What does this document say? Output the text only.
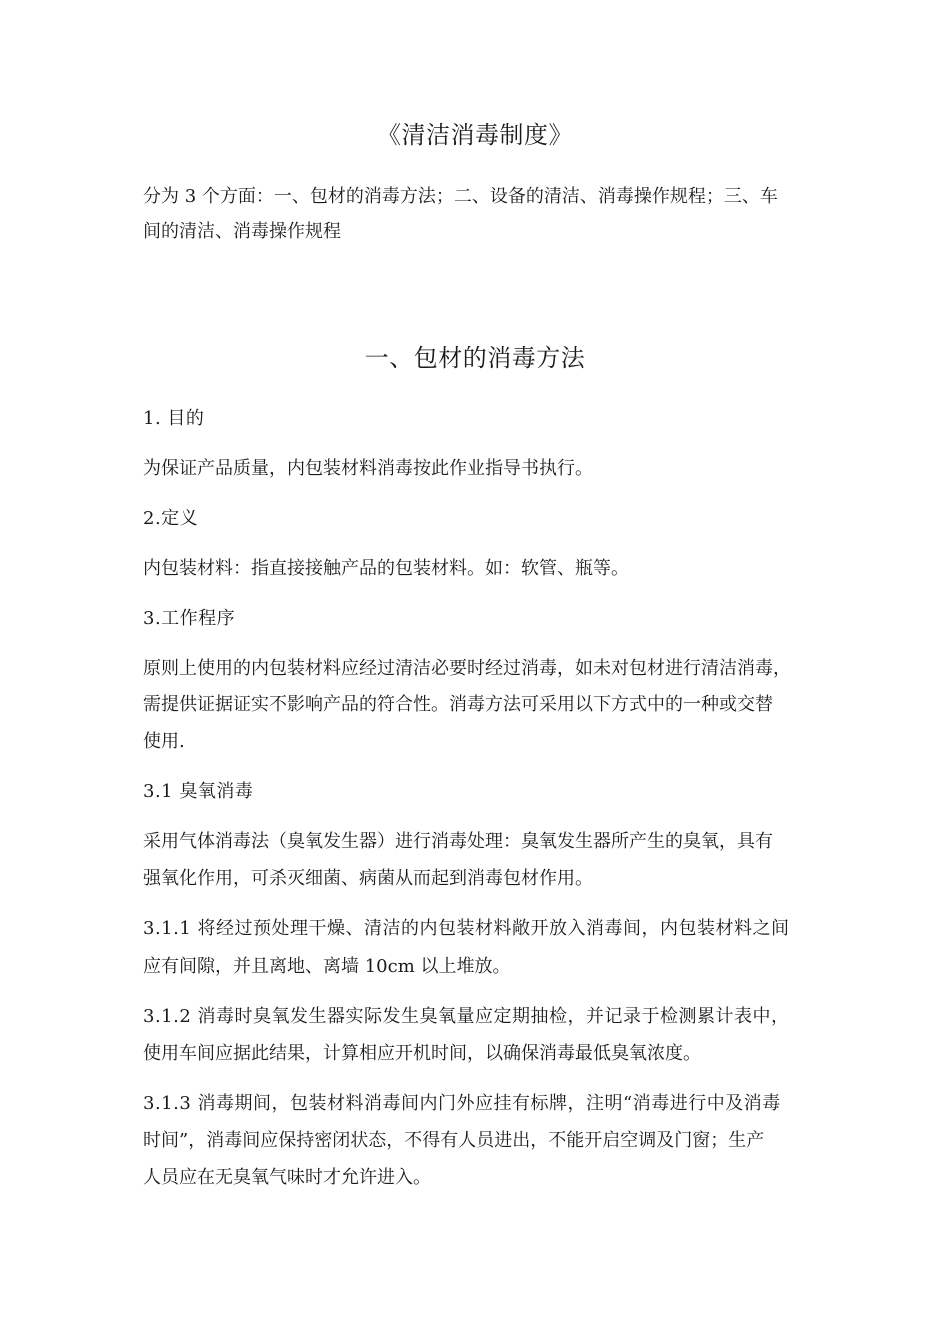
《清洁消毒制度》
分为 3 个方面：一、包材的消毒方法；二、设备的清洁、消毒操作规程；三、车
间的清洁、消毒操作规程
一、包材的消毒方法
1. 目的
为保证产品质量，内包装材料消毒按此作业指导书执行。
2.定义
内包装材料：指直接接触产品的包装材料。如：软管、瓶等。
3.工作程序
原则上使用的内包装材料应经过清洁必要时经过消毒，如未对包材进行清洁消毒，
需提供证据证实不影响产品的符合性。消毒方法可采用以下方式中的一种或交替
使用.
3.1 臭氧消毒
采用气体消毒法（臭氧发生器）进行消毒处理：臭氧发生器所产生的臭氧，具有
强氧化作用，可杀灭细菌、病菌从而起到消毒包材作用。
3.1.1 将经过预处理干燥、清洁的内包装材料敞开放入消毒间，内包装材料之间
应有间隙，并且离地、离墙 10cm 以上堆放。
3.1.2 消毒时臭氧发生器实际发生臭氧量应定期抽检，并记录于检测累计表中，
使用车间应据此结果，计算相应开机时间，以确保消毒最低臭氧浓度。
3.1.3 消毒期间，包装材料消毒间内门外应挂有标牌，注明“消毒进行中及消毒
时间”，消毒间应保持密闭状态，不得有人员进出，不能开启空调及门窗；生产
人员应在无臭氧气味时才允许进入。
